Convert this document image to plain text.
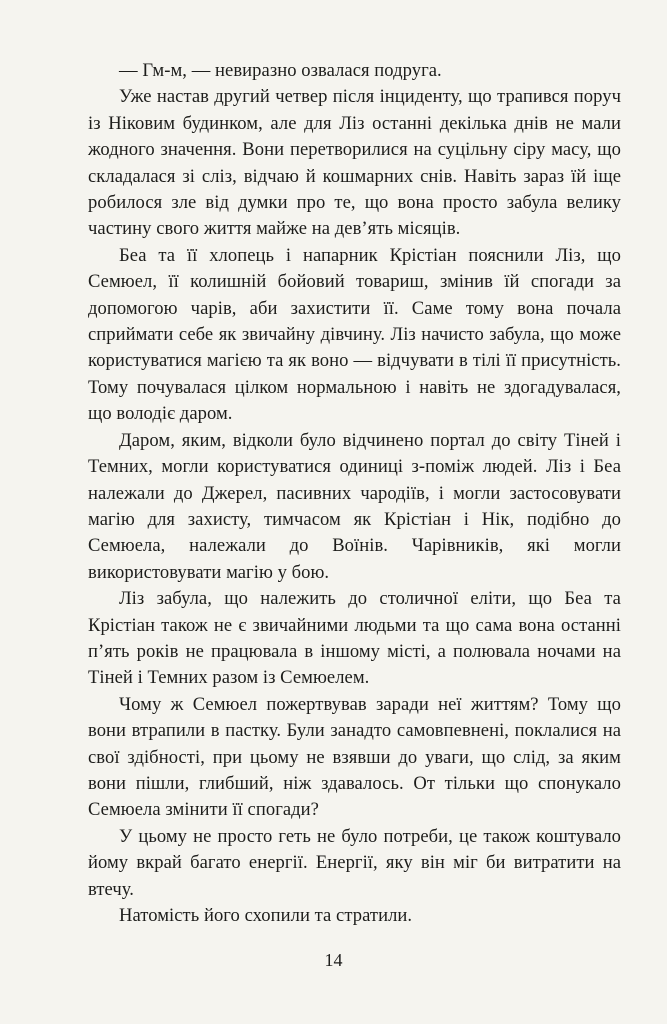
— Гм-м, — невиразно озвалася подруга.

Уже настав другий четвер після інциденту, що трапився поруч із Ніковим будинком, але для Ліз останні декілька днів не мали жодного значення. Вони перетворилися на суцільну сіру масу, що складалася зі сліз, відчаю й кошмарних снів. Навіть зараз їй іще робилося зле від думки про те, що вона просто забула велику частину свого життя майже на дев’ять місяців.

Беа та її хлопець і напарник Крістіан пояснили Ліз, що Семюел, її колишній бойовий товариш, змінив їй спогади за допомогою чарів, аби захистити її. Саме тому вона почала сприймати себе як звичайну дівчину. Ліз начисто забула, що може користуватися магією та як воно — відчувати в тілі її присутність. Тому почувалася цілком нормальною і навіть не здогадувалася, що володіє даром.

Даром, яким, відколи було відчинено портал до світу Тіней і Темних, могли користуватися одиниці з-поміж людей. Ліз і Беа належали до Джерел, пасивних чародіїв, і могли застосовувати магію для захисту, тимчасом як Крістіан і Нік, подібно до Семюела, належали до Воїнів. Чарівників, які могли використовувати магію у бою.

Ліз забула, що належить до столичної еліти, що Беа та Крістіан також не є звичайними людьми та що сама вона останні п’ять років не працювала в іншому місті, а полювала ночами на Тіней і Темних разом із Семюелем.

Чому ж Семюел пожертвував заради неї життям? Тому що вони втрапили в пастку. Були занадто самовпевнені, поклалися на свої здібності, при цьому не взявши до уваги, що слід, за яким вони пішли, глибший, ніж здавалось. От тільки що спонукало Семюела змінити її спогади?

У цьому не просто геть не було потреби, це також коштувало йому вкрай багато енергії. Енергії, яку він міг би витратити на втечу.

Натомість його схопили та стратили.

14
